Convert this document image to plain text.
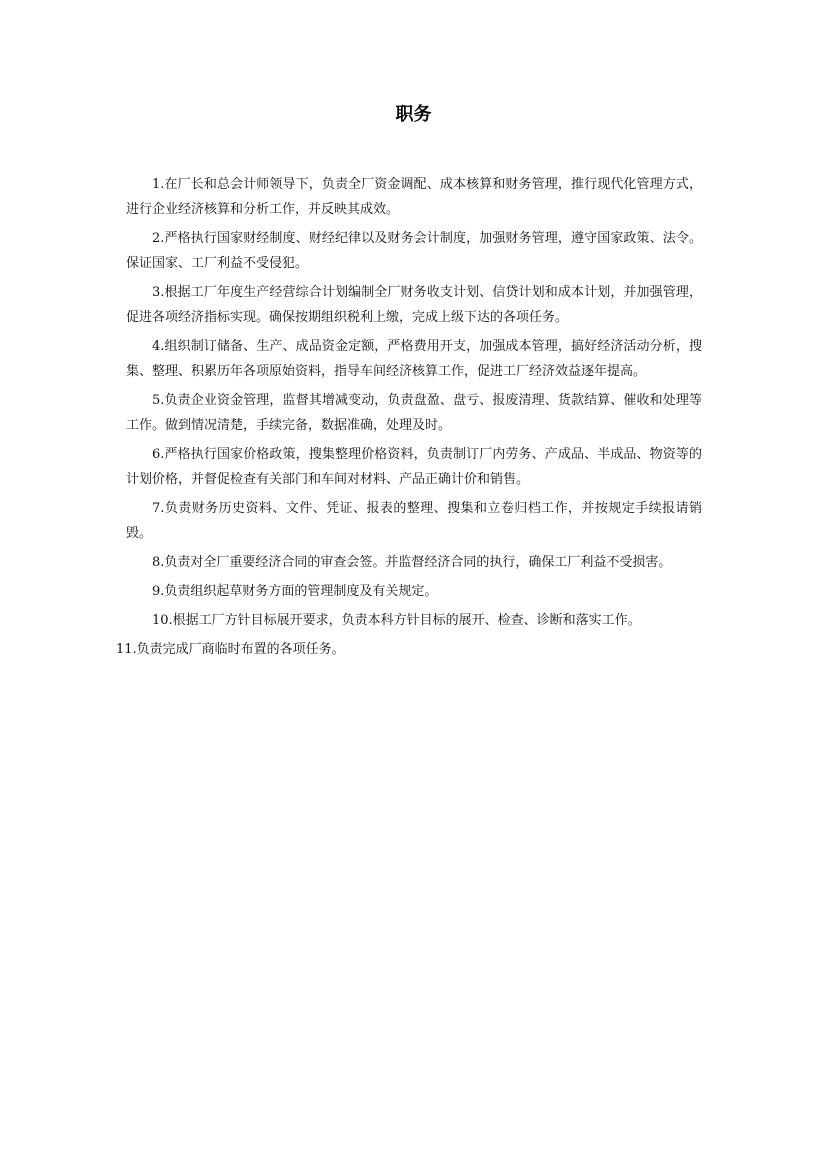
职务

1.在厂长和总会计师领导下，负责全厂资金调配、成本核算和财务管理，推行现代化管理方式，进行企业经济核算和分析工作，并反映其成效。

2.严格执行国家财经制度、财经纪律以及财务会计制度，加强财务管理，遵守国家政策、法令。保证国家、工厂利益不受侵犯。

3.根据工厂年度生产经营综合计划编制全厂财务收支计划、信贷计划和成本计划，并加强管理，促进各项经济指标实现。确保按期组织税利上缴，完成上级下达的各项任务。

4.组织制订储备、生产、成品资金定额，严格费用开支，加强成本管理，搞好经济活动分析，搜集、整理、积累历年各项原始资料，指导车间经济核算工作，促进工厂经济效益逐年提高。

5.负责企业资金管理，监督其增减变动，负责盘盈、盘亏、报废清理、货款结算、催收和处理等工作。做到情况清楚，手续完备，数据准确，处理及时。

6.严格执行国家价格政策，搜集整理价格资料，负责制订厂内劳务、产成品、半成品、物资等的计划价格，并督促检查有关部门和车间对材料、产品正确计价和销售。

7.负责财务历史资料、文件、凭证、报表的整理、搜集和立卷归档工作，并按规定手续报请销毁。

8.负责对全厂重要经济合同的审查会签。并监督经济合同的执行，确保工厂利益不受损害。

9.负责组织起草财务方面的管理制度及有关规定。

10.根据工厂方针目标展开要求，负责本科方针目标的展开、检查、诊断和落实工作。

11.负责完成厂商临时布置的各项任务。
